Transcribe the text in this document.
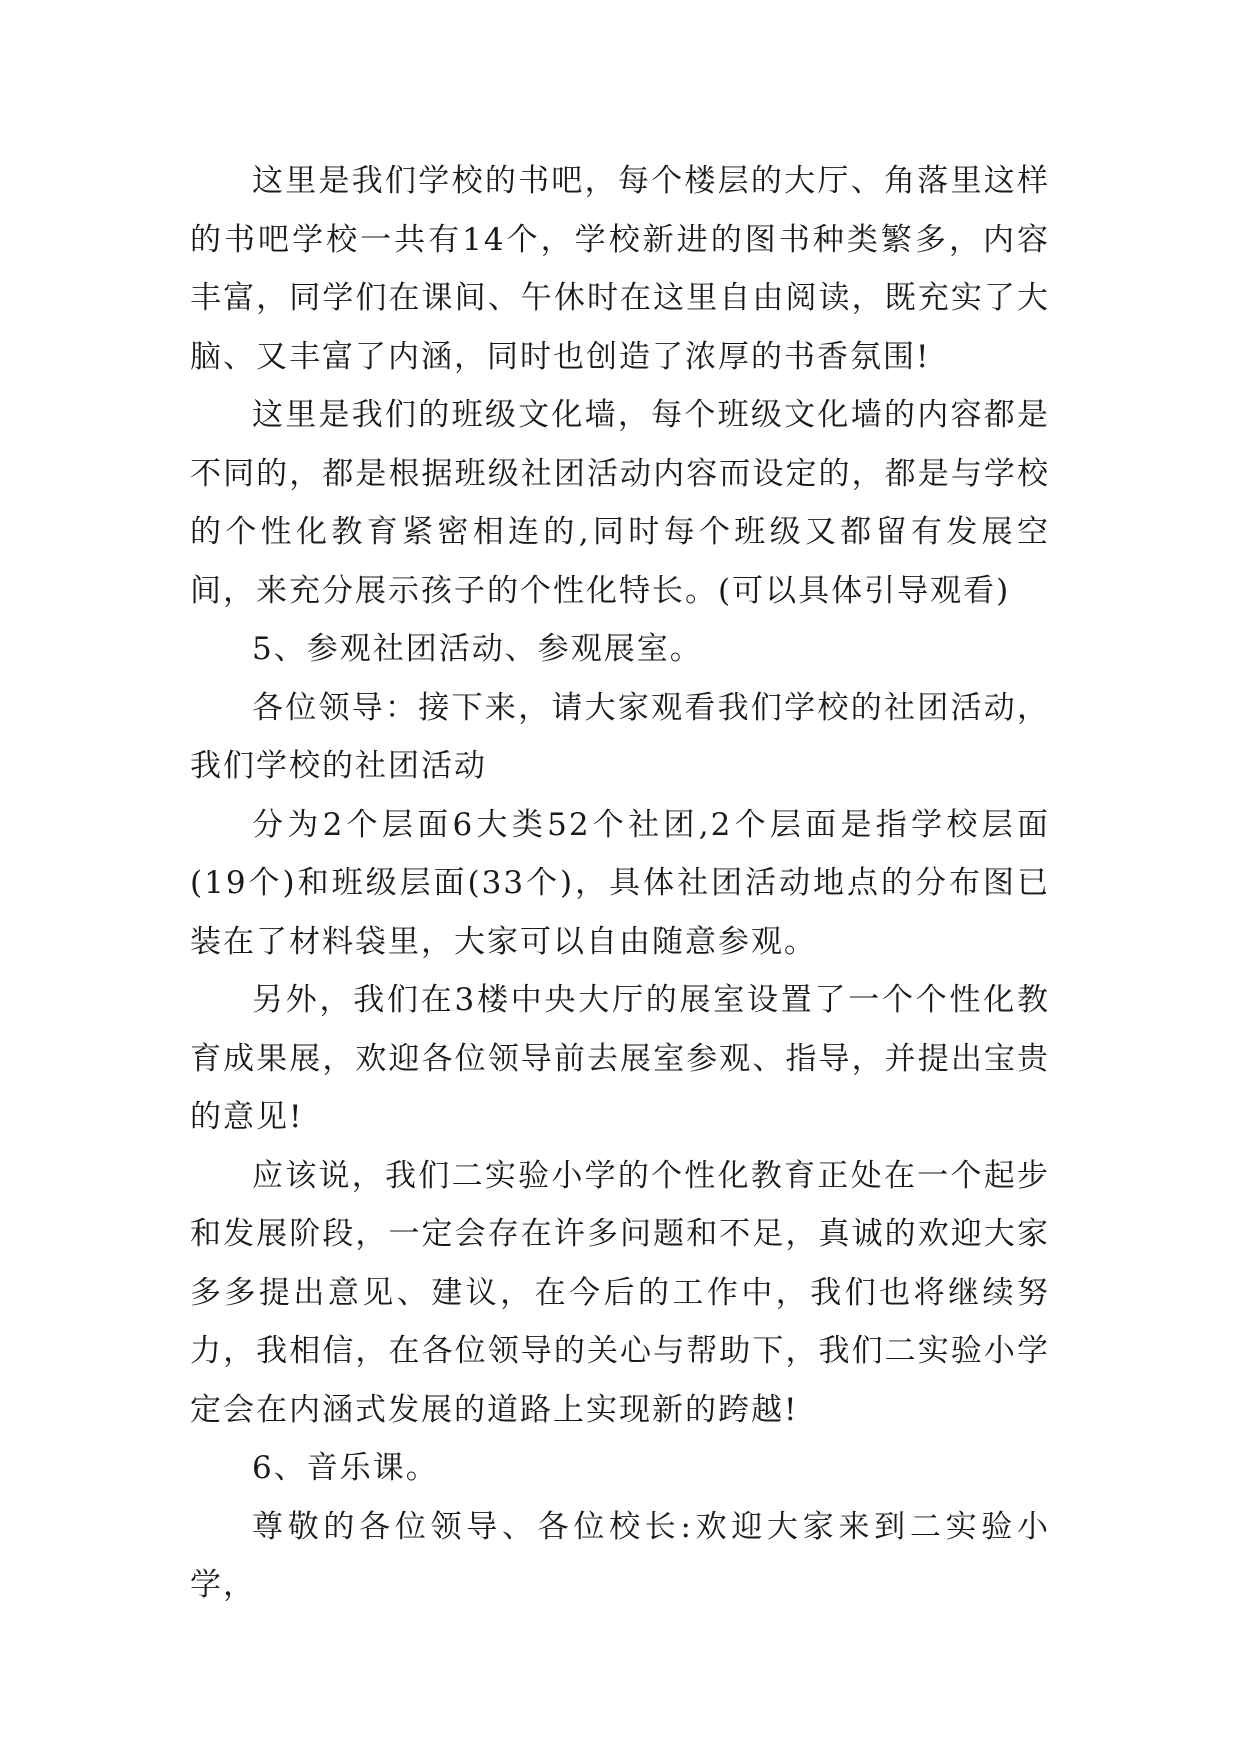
这里是我们学校的书吧，每个楼层的大厅、角落里这样的书吧学校一共有14个，学校新进的图书种类繁多，内容丰富，同学们在课间、午休时在这里自由阅读，既充实了大脑、又丰富了内涵，同时也创造了浓厚的书香氛围!

这里是我们的班级文化墙，每个班级文化墙的内容都是不同的，都是根据班级社团活动内容而设定的，都是与学校的个性化教育紧密相连的,同时每个班级又都留有发展空间，来充分展示孩子的个性化特长。(可以具体引导观看)

5、参观社团活动、参观展室。

各位领导：接下来，请大家观看我们学校的社团活动，我们学校的社团活动

分为2个层面6大类52个社团,2个层面是指学校层面(19个)和班级层面(33个)，具体社团活动地点的分布图已装在了材料袋里，大家可以自由随意参观。

另外，我们在3楼中央大厅的展室设置了一个个性化教育成果展，欢迎各位领导前去展室参观、指导，并提出宝贵的意见!

应该说，我们二实验小学的个性化教育正处在一个起步和发展阶段，一定会存在许多问题和不足，真诚的欢迎大家多多提出意见、建议，在今后的工作中，我们也将继续努力，我相信，在各位领导的关心与帮助下，我们二实验小学定会在内涵式发展的道路上实现新的跨越!

6、音乐课。

尊敬的各位领导、各位校长:欢迎大家来到二实验小学，
